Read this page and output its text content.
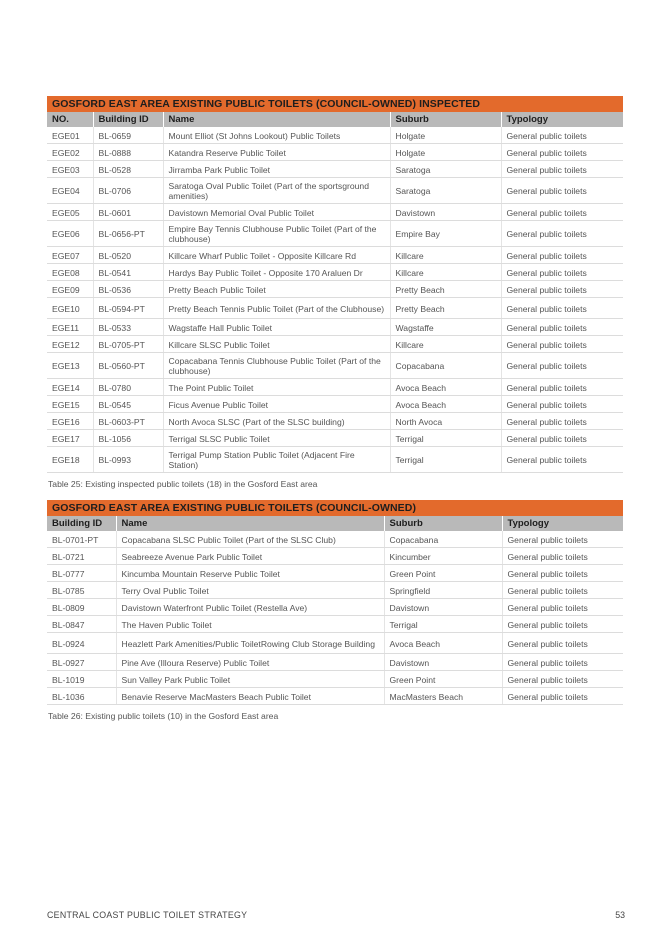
GOSFORD EAST AREA EXISTING PUBLIC TOILETS (COUNCIL-OWNED) INSPECTED
NO.	Building ID	Name	Suburb	Typology
EGE01	BL-0659	Mount Elliot (St Johns Lookout) Public Toilets	Holgate	General public toilets
EGE02	BL-0888	Katandra Reserve Public Toilet	Holgate	General public toilets
EGE03	BL-0528	Jirramba Park Public Toilet	Saratoga	General public toilets
EGE04	BL-0706	Saratoga Oval Public Toilet (Part of the sportsground amenities)	Saratoga	General public toilets
EGE05	BL-0601	Davistown Memorial Oval Public Toilet	Davistown	General public toilets
EGE06	BL-0656-PT	Empire Bay Tennis Clubhouse Public Toilet (Part of the clubhouse)	Empire Bay	General public toilets
EGE07	BL-0520	Killcare Wharf Public Toilet - Opposite Killcare Rd	Killcare	General public toilets
EGE08	BL-0541	Hardys Bay Public Toilet - Opposite 170 Araluen Dr	Killcare	General public toilets
EGE09	BL-0536	Pretty Beach Public Toilet	Pretty Beach	General public toilets
EGE10	BL-0594-PT	Pretty Beach Tennis Public Toilet (Part of the Clubhouse)	Pretty Beach	General public toilets
EGE11	BL-0533	Wagstaffe Hall Public Toilet	Wagstaffe	General public toilets
EGE12	BL-0705-PT	Killcare SLSC Public Toilet	Killcare	General public toilets
EGE13	BL-0560-PT	Copacabana Tennis Clubhouse Public Toilet (Part of the clubhouse)	Copacabana	General public toilets
EGE14	BL-0780	The Point Public Toilet	Avoca Beach	General public toilets
EGE15	BL-0545	Ficus Avenue Public Toilet	Avoca Beach	General public toilets
EGE16	BL-0603-PT	North Avoca SLSC (Part of the SLSC building)	North Avoca	General public toilets
EGE17	BL-1056	Terrigal SLSC Public Toilet	Terrigal	General public toilets
EGE18	BL-0993	Terrigal Pump Station Public Toilet (Adjacent Fire Station)	Terrigal	General public toilets
Table 25: Existing inspected public toilets (18) in the Gosford East area
GOSFORD EAST AREA EXISTING PUBLIC TOILETS (COUNCIL-OWNED)
Building ID	Name	Suburb	Typology
BL-0701-PT	Copacabana SLSC Public Toilet (Part of the SLSC Club)	Copacabana	General public toilets
BL-0721	Seabreeze Avenue Park Public Toilet	Kincumber	General public toilets
BL-0777	Kincumba Mountain Reserve Public Toilet	Green Point	General public toilets
BL-0785	Terry Oval Public Toilet	Springfield	General public toilets
BL-0809	Davistown Waterfront Public Toilet (Restella Ave)	Davistown	General public toilets
BL-0847	The Haven Public Toilet	Terrigal	General public toilets
BL-0924	Heazlett Park Amenities/Public ToiletRowing Club Storage Building	Avoca Beach	General public toilets
BL-0927	Pine Ave (Illoura Reserve) Public Toilet	Davistown	General public toilets
BL-1019	Sun Valley Park Public Toilet	Green Point	General public toilets
BL-1036	Benavie Reserve MacMasters Beach Public Toilet	MacMasters Beach	General public toilets
Table 26: Existing public toilets (10) in the Gosford East area
CENTRAL COAST PUBLIC TOILET STRATEGY	53
